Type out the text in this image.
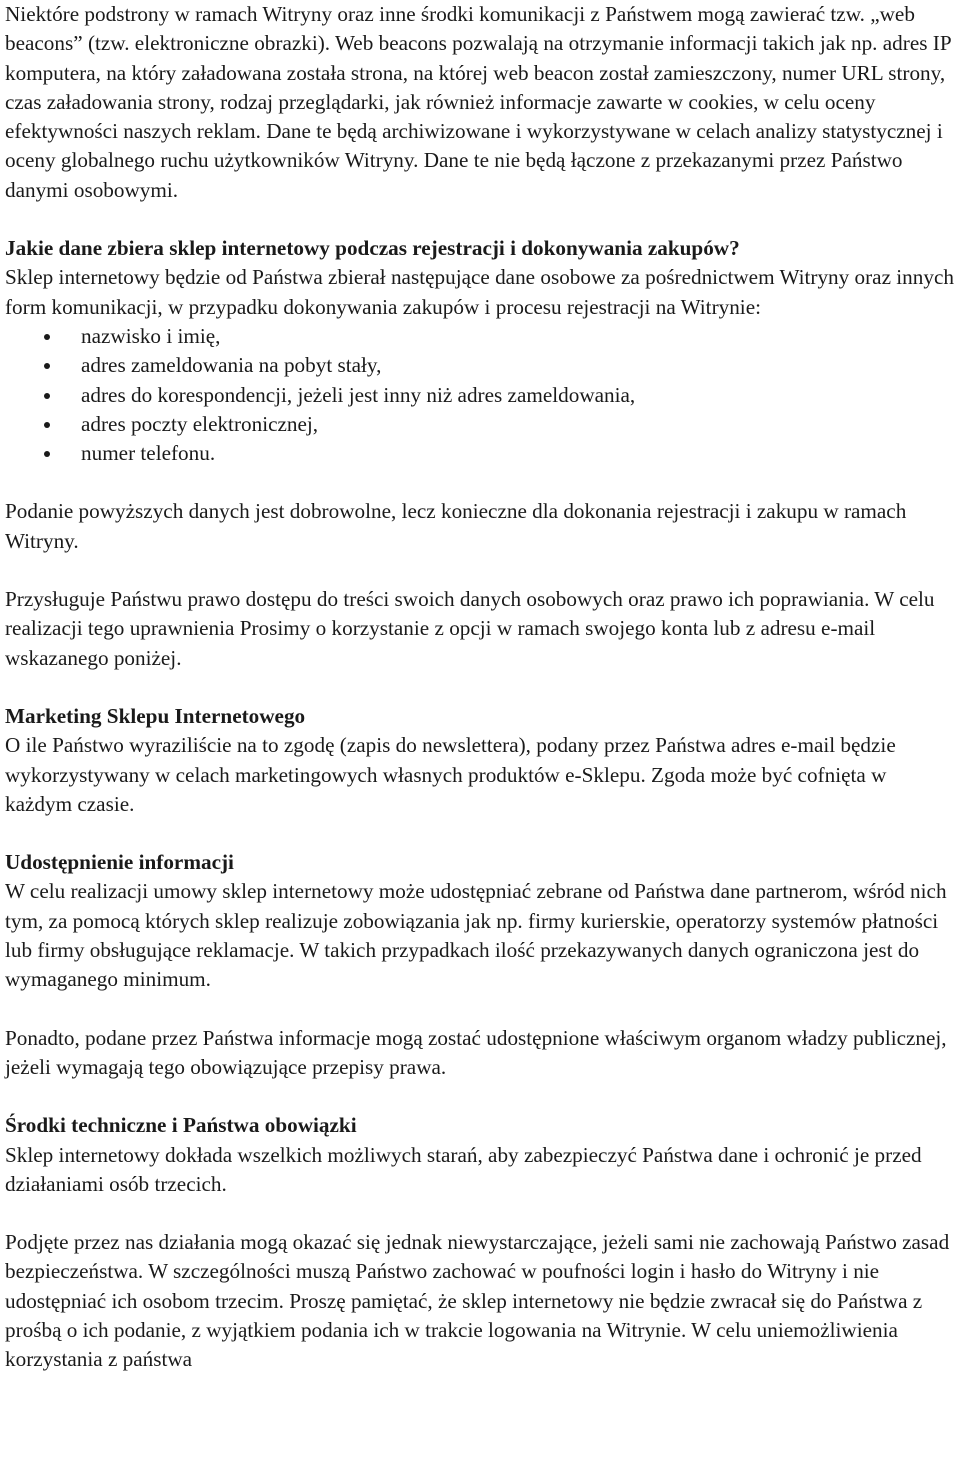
Niektóre podstrony w ramach Witryny oraz inne środki komunikacji z Państwem mogą zawierać tzw. „web beacons” (tzw. elektroniczne obrazki). Web beacons pozwalają na otrzymanie informacji takich jak np. adres IP komputera, na który załadowana została strona, na której web beacon został zamieszczony, numer URL strony, czas załadowania strony, rodzaj przeglądarki, jak również informacje zawarte w cookies, w celu oceny efektywności naszych reklam. Dane te będą archiwizowane i wykorzystywane w celach analizy statystycznej i oceny globalnego ruchu użytkowników Witryny. Dane te nie będą łączone z przekazanymi przez Państwo danymi osobowymi.

Jakie dane zbiera sklep internetowy podczas rejestracji i dokonywania zakupów?

Sklep internetowy będzie od Państwa zbierał następujące dane osobowe za pośrednictwem Witryny oraz innych form komunikacji, w przypadku dokonywania zakupów i procesu rejestracji na Witrynie:

nazwisko i imię,
adres zameldowania na pobyt stały,
adres do korespondencji, jeżeli jest inny niż adres zameldowania,
adres poczty elektronicznej,
numer telefonu.

Podanie powyższych danych jest dobrowolne, lecz konieczne dla dokonania rejestracji i zakupu w ramach Witryny.

Przysługuje Państwu prawo dostępu do treści swoich danych osobowych oraz prawo ich poprawiania. W celu realizacji tego uprawnienia Prosimy o korzystanie z opcji w ramach swojego konta lub z adresu e-mail wskazanego poniżej.

Marketing Sklepu Internetowego

O ile Państwo wyraziliście na to zgodę (zapis do newslettera), podany przez Państwa adres e-mail będzie wykorzystywany w celach marketingowych własnych produktów e-Sklepu. Zgoda może być cofnięta w każdym czasie.

Udostępnienie informacji

W celu realizacji umowy sklep internetowy może udostępniać zebrane od Państwa dane partnerom, wśród nich tym, za pomocą których sklep realizuje zobowiązania jak np. firmy kurierskie, operatorzy systemów płatności lub firmy obsługujące reklamacje. W takich przypadkach ilość przekazywanych danych ograniczona jest do wymaganego minimum.

Ponadto, podane przez Państwa informacje mogą zostać udostępnione właściwym organom władzy publicznej, jeżeli wymagają tego obowiązujące przepisy prawa.

Środki techniczne i Państwa obowiązki

Sklep internetowy dokłada wszelkich możliwych starań, aby zabezpieczyć Państwa dane i ochronić je przed działaniami osób trzecich.

Podjęte przez nas działania mogą okazać się jednak niewystarczające, jeżeli sami nie zachowają Państwo zasad bezpieczeństwa. W szczególności muszą Państwo zachować w poufności login i hasło do Witryny i nie udostępniać ich osobom trzecim. Proszę pamiętać, że sklep internetowy nie będzie zwracał się do Państwa z prośbą o ich podanie, z wyjątkiem podania ich w trakcie logowania na Witrynie. W celu uniemożliwienia korzystania z państwa
